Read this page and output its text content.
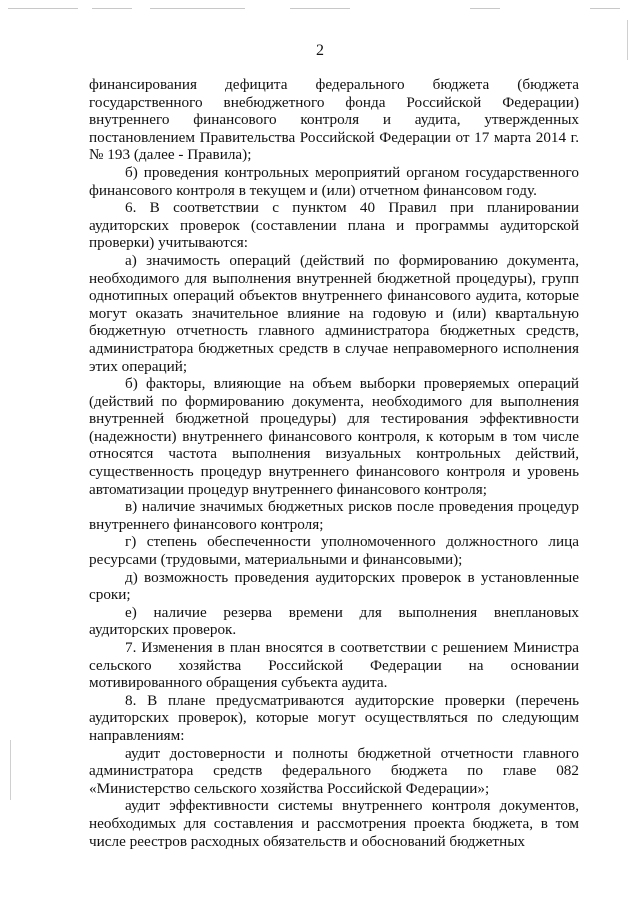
2

финансирования дефицита федерального бюджета (бюджета государственного внебюджетного фонда Российской Федерации) внутреннего финансового контроля и аудита, утвержденных постановлением Правительства Российской Федерации от 17 марта 2014 г. № 193 (далее - Правила);

б) проведения контрольных мероприятий органом государственного финансового контроля в текущем и (или) отчетном финансовом году.

6. В соответствии с пунктом 40 Правил при планировании аудиторских проверок (составлении плана и программы аудиторской проверки) учитываются:

а) значимость операций (действий по формированию документа, необходимого для выполнения внутренней бюджетной процедуры), групп однотипных операций объектов внутреннего финансового аудита, которые могут оказать значительное влияние на годовую и (или) квартальную бюджетную отчетность главного администратора бюджетных средств, администратора бюджетных средств в случае неправомерного исполнения этих операций;

б) факторы, влияющие на объем выборки проверяемых операций (действий по формированию документа, необходимого для выполнения внутренней бюджетной процедуры) для тестирования эффективности (надежности) внутреннего финансового контроля, к которым в том числе относятся частота выполнения визуальных контрольных действий, существенность процедур внутреннего финансового контроля и уровень автоматизации процедур внутреннего финансового контроля;

в) наличие значимых бюджетных рисков после проведения процедур внутреннего финансового контроля;

г) степень обеспеченности уполномоченного должностного лица ресурсами (трудовыми, материальными и финансовыми);

д) возможность проведения аудиторских проверок в установленные сроки;

е) наличие резерва времени для выполнения внеплановых аудиторских проверок.

7. Изменения в план вносятся в соответствии с решением Министра сельского хозяйства Российской Федерации на основании мотивированного обращения субъекта аудита.

8. В плане предусматриваются аудиторские проверки (перечень аудиторских проверок), которые могут осуществляться по следующим направлениям:

аудит достоверности и полноты бюджетной отчетности главного администратора средств федерального бюджета по главе 082 «Министерство сельского хозяйства Российской Федерации»;

аудит эффективности системы внутреннего контроля документов, необходимых для составления и рассмотрения проекта бюджета, в том числе реестров расходных обязательств и обоснований бюджетных
